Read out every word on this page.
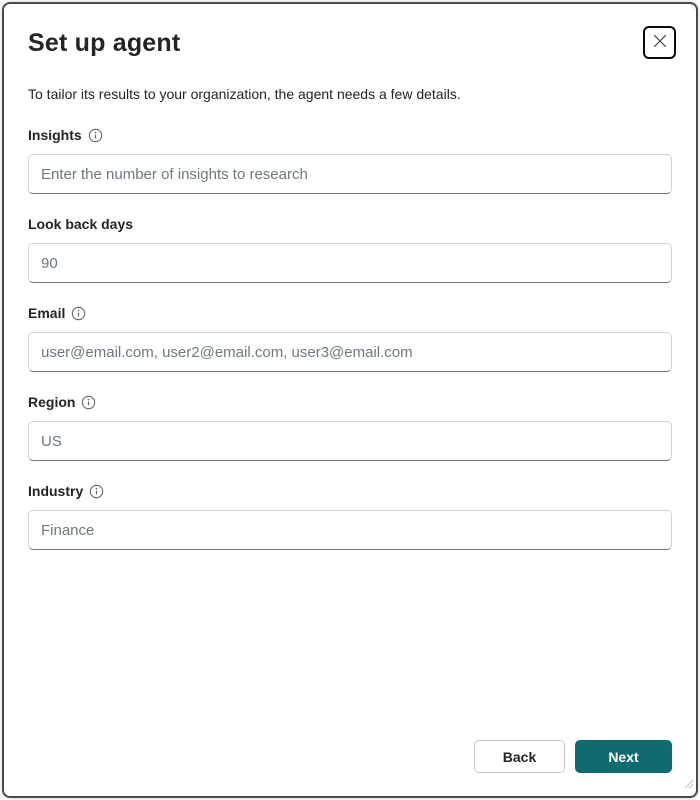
Set up agent

To tailor its results to your organization, the agent needs a few details.

Insights
Enter the number of insights to research
Look back days
90
Email
user@email.com, user2@email.com, user3@email.com
Region
US
Industry
Finance
Back	Next
